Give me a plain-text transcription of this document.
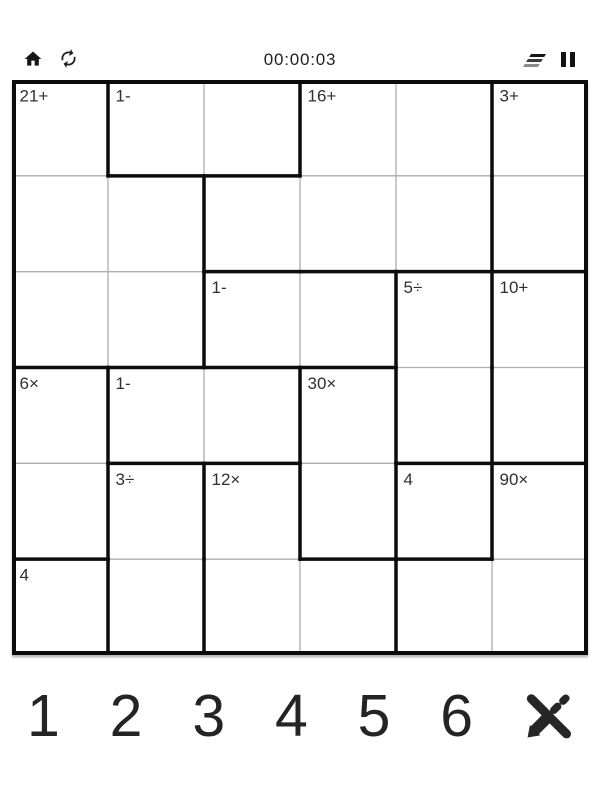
00:00:03
21+	1-	16+	3+
1-	5÷	10+
6×	1-	30×
3÷	12×	4	90×
4
1 2 3 4 5 6
